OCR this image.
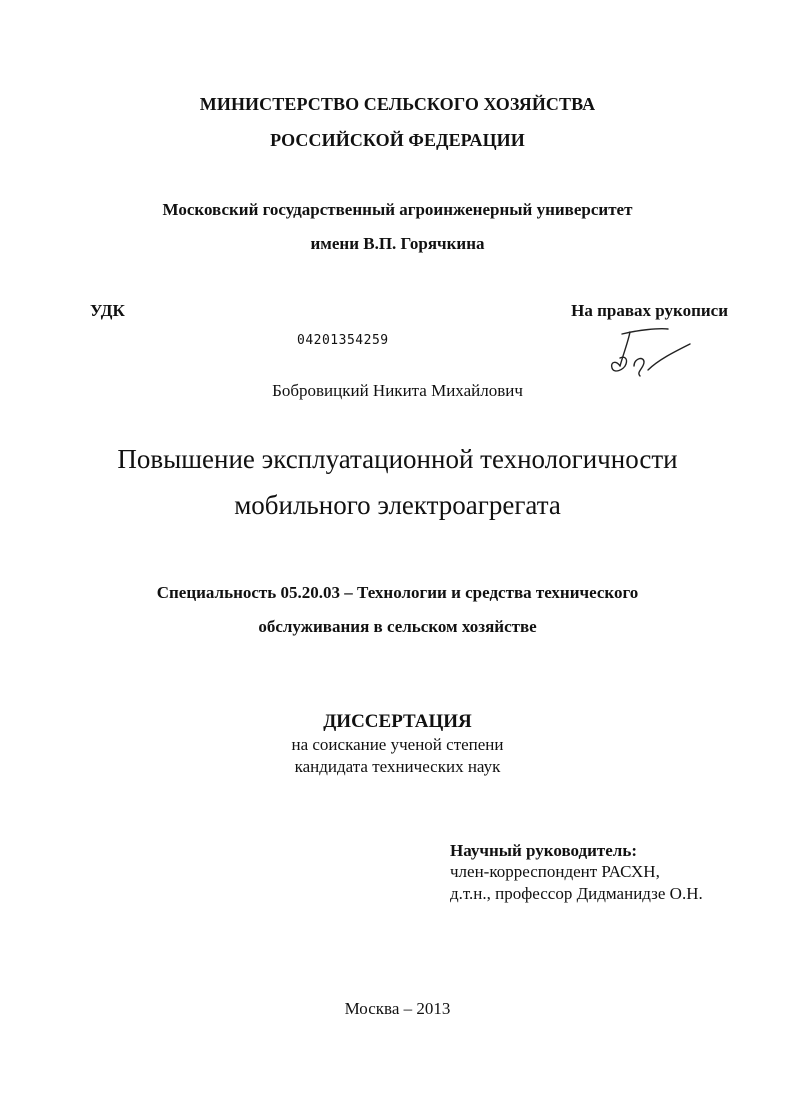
МИНИСТЕРСТВО СЕЛЬСКОГО ХОЗЯЙСТВА
РОССИЙСКОЙ ФЕДЕРАЦИИ
Московский государственный агроинженерный университет
имени В.П. Горячкина
УДК	На правах рукописи
04201354259
Бобровицкий Никита Михайлович
Повышение эксплуатационной технологичности
мобильного электроагрегата
Специальность 05.20.03 – Технологии и средства технического
обслуживания в сельском хозяйстве
ДИССЕРТАЦИЯ
на соискание ученой степени
кандидата технических наук
Научный руководитель:
член-корреспондент РАСХН,
д.т.н., профессор Дидманидзе О.Н.
Москва – 2013
